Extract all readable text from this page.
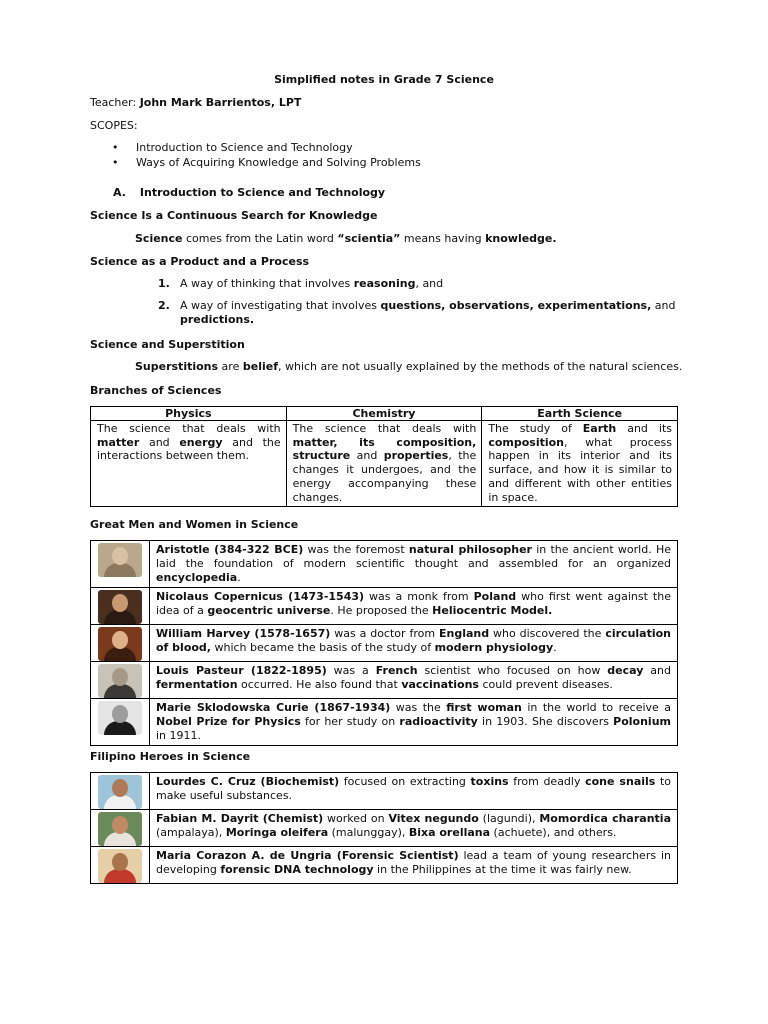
Simplified notes in Grade 7 Science
Teacher: John Mark Barrientos, LPT
SCOPES:
• Introduction to Science and Technology
• Ways of Acquiring Knowledge and Solving Problems
A. Introduction to Science and Technology
Science Is a Continuous Search for Knowledge
Science comes from the Latin word “scientia” means having knowledge.
Science as a Product and a Process
1. A way of thinking that involves reasoning, and
2. A way of investigating that involves questions, observations, experimentations, and predictions.
Science and Superstition
Superstitions are belief, which are not usually explained by the methods of the natural sciences.
Branches of Sciences
Physics	Chemistry	Earth Science
The science that deals with matter and energy and the interactions between them.	The science that deals with matter, its composition, structure and properties, the changes it undergoes, and the energy accompanying these changes.	The study of Earth and its composition, what process happen in its interior and its surface, and how it is similar to and different with other entities in space.
Great Men and Women in Science
	Aristotle (384-322 BCE) was the foremost natural philosopher in the ancient world. He laid the foundation of modern scientific thought and assembled for an organized encyclopedia.

	Nicolaus Copernicus (1473-1543) was a monk from Poland who first went against the idea of a geocentric universe. He proposed the Heliocentric Model.

	William Harvey (1578-1657) was a doctor from England who discovered the circulation of blood, which became the basis of the study of modern physiology.

	Louis Pasteur (1822-1895) was a French scientist who focused on how decay and fermentation occurred. He also found that vaccinations could prevent diseases.

	Marie Sklodowska Curie (1867-1934) was the first woman in the world to receive a Nobel Prize for Physics for her study on radioactivity in 1903. She discovers Polonium in 1911.
Filipino Heroes in Science
	Lourdes C. Cruz (Biochemist) focused on extracting toxins from deadly cone snails to make useful substances.

	Fabian M. Dayrit (Chemist) worked on Vitex negundo (lagundi), Momordica charantia (ampalaya), Moringa oleifera (malunggay), Bixa orellana (achuete), and others.

	Maria Corazon A. de Ungria (Forensic Scientist) lead a team of young researchers in developing forensic DNA technology in the Philippines at the time it was fairly new.
